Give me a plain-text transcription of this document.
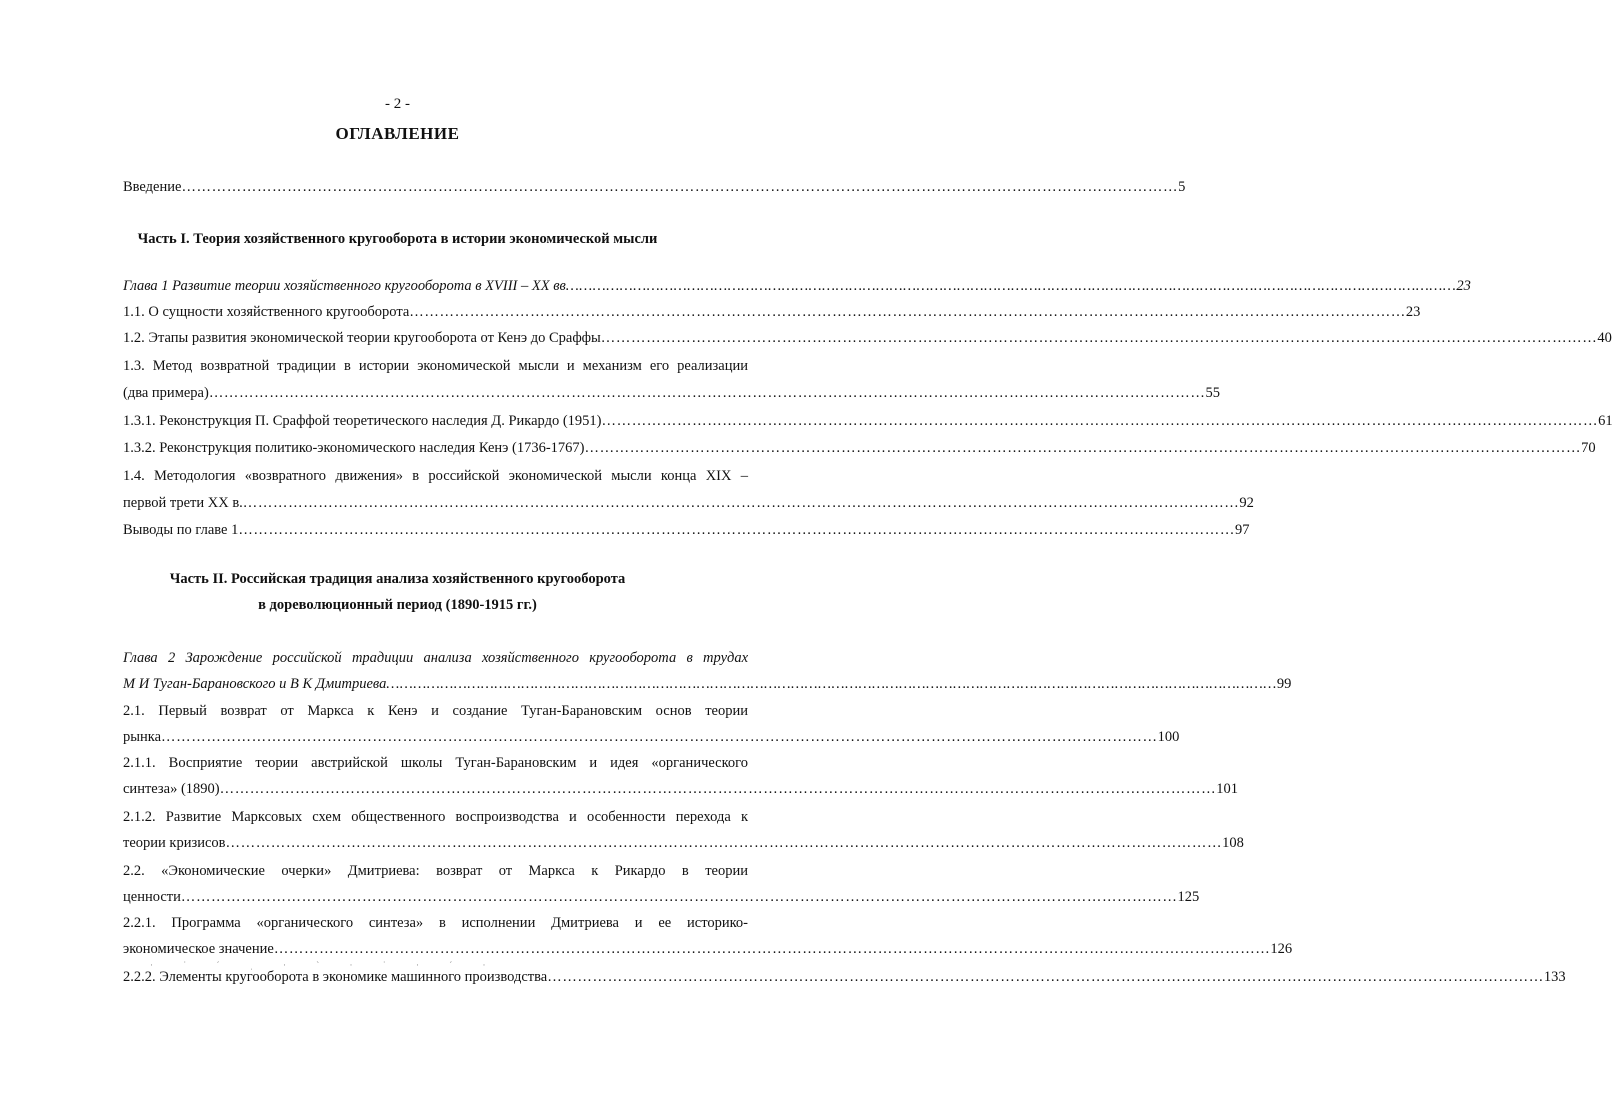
- 2 -
ОГЛАВЛЕНИЕ
Введение ………………………………………………………………………………………………………………………………………………………………………………	5
Часть I. Теория хозяйственного кругооборота в истории экономической мысли
Глава 1 Развитие теории хозяйственного кругооборота в XVIII – XX вв ………………………………………………………………………………………………………………………………………………………………………………	23
1.1. О сущности хозяйственного кругооборота ………………………………………………………………………………………………………………………………………………………………………………	23
1.2. Этапы развития экономической теории кругооборота от Кенэ до Сраффы ………………………………………………………………………………………………………………………………………………………………………………	40
1.3. Метод возвратной традиции в истории экономической мысли и механизм его реализации
(два примера) ………………………………………………………………………………………………………………………………………………………………………………	55
1.3.1. Реконструкция П. Сраффой теоретического наследия Д. Рикардо (1951) ………………………………………………………………………………………………………………………………………………………………………………	61
1.3.2. Реконструкция политико-экономического наследия Кенэ (1736-1767) ………………………………………………………………………………………………………………………………………………………………………………	70
1.4. Методология «возвратного движения» в российской экономической мысли конца XIX –
первой трети XX в. ………………………………………………………………………………………………………………………………………………………………………………	92
Выводы по главе 1 ………………………………………………………………………………………………………………………………………………………………………………	97
Часть II. Российская традиция анализа хозяйственного кругооборота
в дореволюционный период (1890-1915 гг.)
Глава 2 Зарождение российской традиции анализа хозяйственного кругооборота в трудах
М И Туган-Барановского и В К Дмитриева ………………………………………………………………………………………………………………………………………………………………………………	99
2.1. Первый возврат от Маркса к Кенэ и создание Туган-Барановским основ теории
рынка ………………………………………………………………………………………………………………………………………………………………………………	100
2.1.1. Восприятие теории австрийской школы Туган-Барановским и идея «органического
синтеза» (1890) ………………………………………………………………………………………………………………………………………………………………………………	101
2.1.2. Развитие Марксовых схем общественного воспроизводства и особенности перехода к
теории кризисов ………………………………………………………………………………………………………………………………………………………………………………	108
2.2. «Экономические очерки» Дмитриева: возврат от Маркса к Рикардо в теории
ценности ………………………………………………………………………………………………………………………………………………………………………………	125
2.2.1. Программа «органического синтеза» в исполнении Дмитриева и ее историко-
экономическое значение ………………………………………………………………………………………………………………………………………………………………………………	126
· ˙ ´ ˌ · ˋ · ˙ · ´ ·
2.2.2. Элементы кругооборота в экономике машинного производства ………………………………………………………………………………………………………………………………………………………………………………	133
